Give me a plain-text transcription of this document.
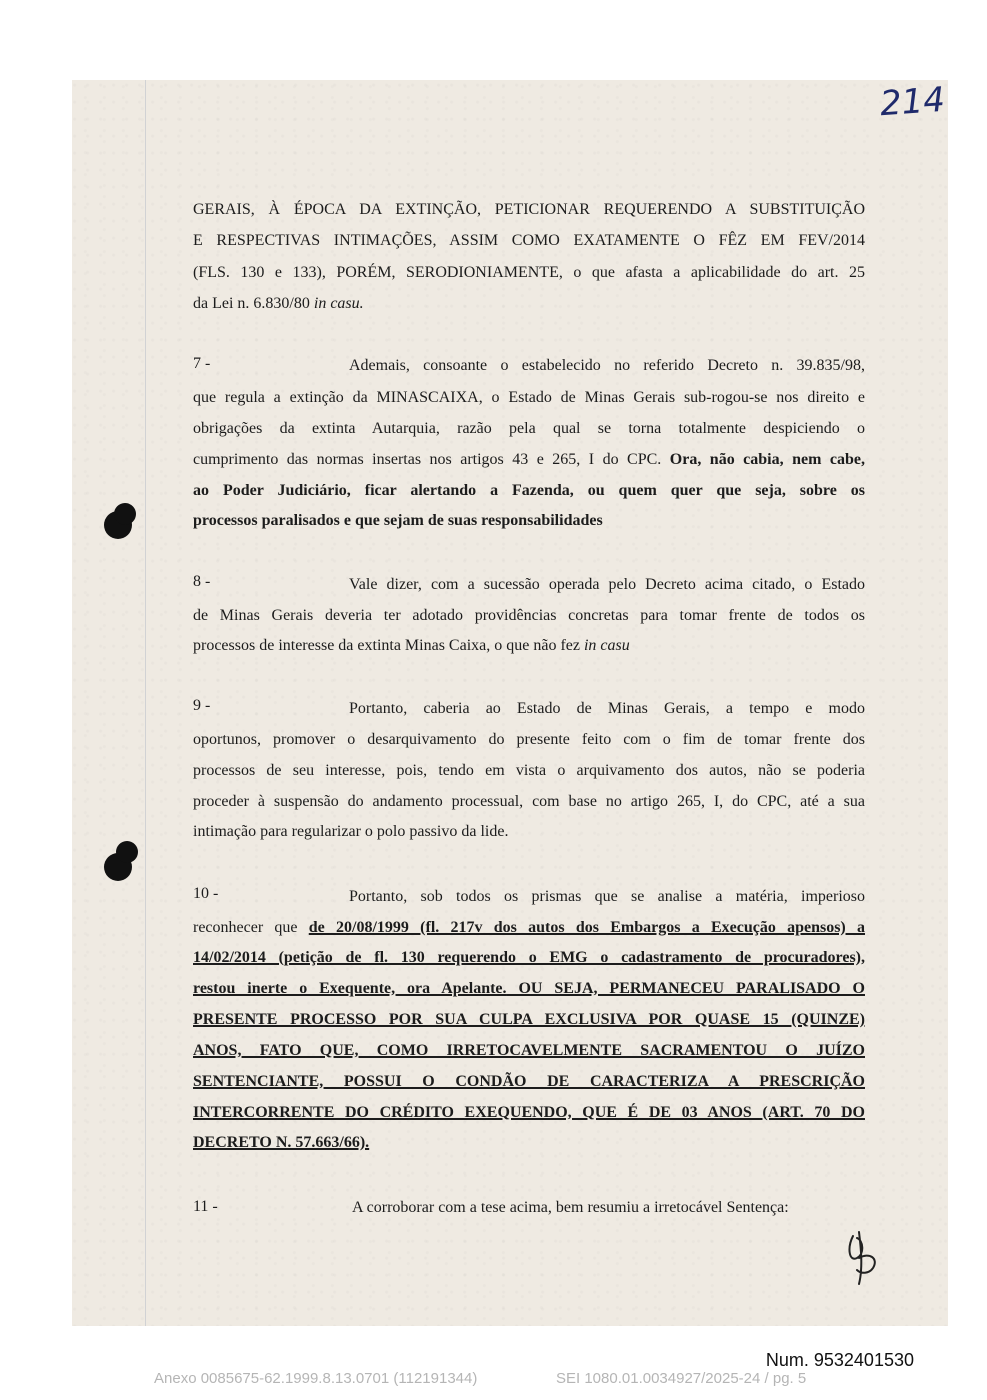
214
GERAIS, À ÉPOCA DA EXTINÇÃO, PETICIONAR REQUERENDO A SUBSTITUIÇÃO
E RESPECTIVAS INTIMAÇÕES, ASSIM COMO EXATAMENTE O FÊZ EM FEV/2014
(FLS. 130 e 133), PORÉM, SERODIONIAMENTE, o que afasta a aplicabilidade do art. 25
da Lei n. 6.830/80 in casu.
7 -	Ademais, consoante o estabelecido no referido Decreto n. 39.835/98,
que regula a extinção da MINASCAIXA, o Estado de Minas Gerais sub-rogou-se nos direito e
obrigações da extinta Autarquia, razão pela qual se torna totalmente despiciendo o
cumprimento das normas insertas nos artigos 43 e 265, I do CPC. Ora, não cabia, nem cabe,
ao Poder Judiciário, ficar alertando a Fazenda, ou quem quer que seja, sobre os
processos paralisados e que sejam de suas responsabilidades
8 -	Vale dizer, com a sucessão operada pelo Decreto acima citado, o Estado
de Minas Gerais deveria ter adotado providências concretas para tomar frente de todos os
processos de interesse da extinta Minas Caixa, o que não fez in casu
9 -	Portanto, caberia ao Estado de Minas Gerais, a tempo e modo
oportunos, promover o desarquivamento do presente feito com o fim de tomar frente dos
processos de seu interesse, pois, tendo em vista o arquivamento dos autos, não se poderia
proceder à suspensão do andamento processual, com base no artigo 265, I, do CPC, até a sua
intimação para regularizar o polo passivo da lide.
10 -	Portanto, sob todos os prismas que se analise a matéria, imperioso
reconhecer que de 20/08/1999 (fl. 217v dos autos dos Embargos a Execução apensos) a
14/02/2014 (petição de fl. 130 requerendo o EMG o cadastramento de procuradores),
restou inerte o Exequente, ora Apelante. OU SEJA, PERMANECEU PARALISADO O
PRESENTE PROCESSO POR SUA CULPA EXCLUSIVA POR QUASE 15 (QUINZE)
ANOS, FATO QUE, COMO IRRETOCAVELMENTE SACRAMENTOU O JUÍZO
SENTENCIANTE, POSSUI O CONDÃO DE CARACTERIZA A PRESCRIÇÃO
INTERCORRENTE DO CRÉDITO EXEQUENDO, QUE É DE 03 ANOS (ART. 70 DO
DECRETO N. 57.663/66).
11 -	A corroborar com a tese acima, bem resumiu a irretocável Sentença:
Num. 9532401530
Anexo 0085675-62.1999.8.13.0701 (112191344)	SEI 1080.01.0034927/2025-24 / pg. 5
